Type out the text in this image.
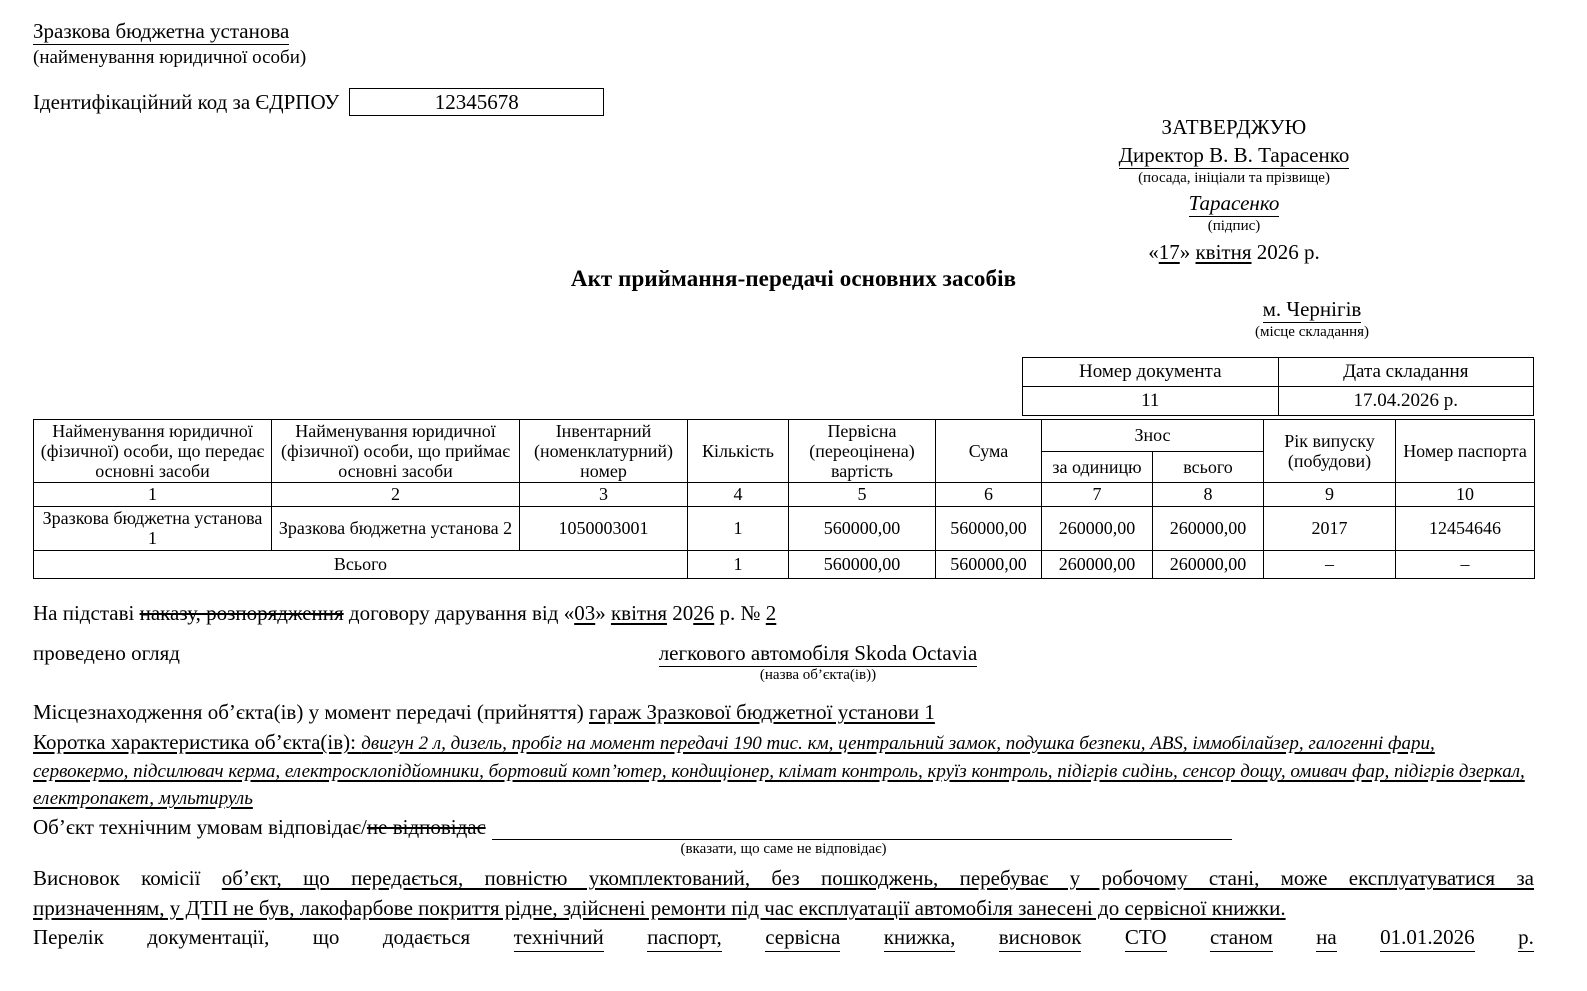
Зразкова бюджетна установа
(найменування юридичної особи)
Ідентифікаційний код за ЄДРПОУ	12345678
ЗАТВЕРДЖУЮ
Директор В. В. Тарасенко
(посада, ініціали та прізвище)
Тарасенко
(підпис)
«17» квітня 2026 р.
Акт приймання-передачі основних засобів
м. Чернігів
(місце складання)
Номер документа	Дата складання
11	17.04.2026 р.
Найменування юридичної (фізичної) особи, що передає основні засоби	Найменування юридичної (фізичної) особи, що приймає основні засоби	Інвентарний (номенклатурний) номер	Кількість	Первісна (переоцінена) вартість	Сума	Знос		Рік випуску (побудови)	Номер паспорта
						за одиницю	всього		
1	2	3	4	5	6	7	8	9	10
Зразкова бюджетна установа 1	Зразкова бюджетна установа 2	1050003001	1	560000,00	560000,00	260000,00	260000,00	2017	12454646
Всього			1	560000,00	560000,00	260000,00	260000,00	–	–
На підставі наказу, розпорядження договору дарування від «03» квітня 2026 р. № 2
проведено огляд	легкового автомобіля Skoda Octavia
(назва об’єкта(ів))
Місцезнаходження об’єкта(ів) у момент передачі (прийняття) гараж Зразкової бюджетної установи 1
Коротка характеристика об’єкта(ів): двигун 2 л, дизель, пробіг на момент передачі 190 тис. км, центральний замок, подушка безпеки, ABS, іммобілайзер, галогенні фари, сервокермо, підсилювач керма, електросклопідйомники, бортовий комп’ютер, кондиціонер, клімат контроль, круїз контроль, підігрів сидінь, сенсор дощу, омивач фар, підігрів дзеркал, електропакет, мультируль
Об’єкт технічним умовам відповідає/не відповідає
(вказати, що саме не відповідає)
Висновок комісії об’єкт, що передається, повністю укомплектований, без пошкоджень, перебуває у робочому стані, може експлуатуватися за
призначенням, у ДТП не був, лакофарбове покриття рідне, здійснені ремонти під час експлуатації автомобіля занесені до сервісної книжки.
Перелік документації, що додається технічний паспорт, сервісна книжка, висновок СТО станом на 01.01.2026 р.
